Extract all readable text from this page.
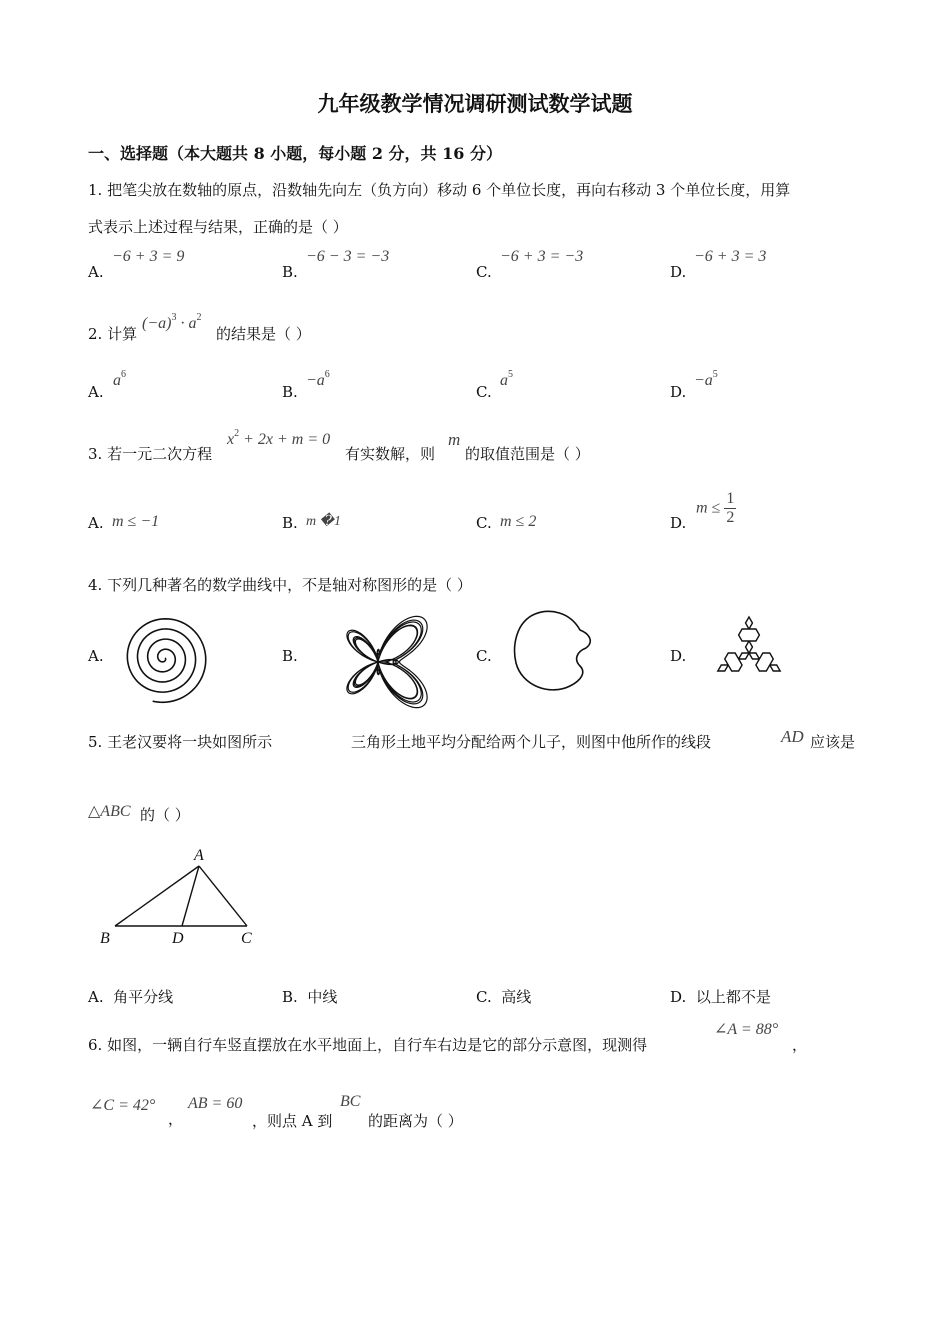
九年级教学情况调研测试数学试题
一、选择题（本大题共 8 小题，每小题 2 分，共 16 分）
1. 把笔尖放在数轴的原点，沿数轴先向左（负方向）移动 6 个单位长度，再向右移动 3 个单位长度，用算
式表示上述过程与结果，正确的是（ ）
A.
−6 + 3 = 9
B.
−6 − 3 = −3
C.
−6 + 3 = −3
D.
−6 + 3 = 3
2. 计算
$(-a)^3 \cdot a^2$
的结果是（ ）
A.
$a^6$
B.
$-a^6$
C.
$a^5$
D.
$-a^5$
3. 若一元二次方程
$x^2 + 2x + m = 0$
有实数解，则
m
的取值范围是（ ）
A. m ≤ −1	B. m �1	C. m ≤ 2	D.
$m \le \frac{1}{2}$
4. 下列几种著名的数学曲线中，不是轴对称图形的是（ ）
A.	B.	C.	D.
5. 王老汉要将一块如图所示	三角形土地平均分配给两个儿子，则图中他所作的线段	AD 应该是
△ABC 的（ ）
A
B	D	C
A. 角平分线	B. 中线	C. 高线	D. 以上都不是
6. 如图，一辆自行车竖直摆放在水平地面上，自行车右边是它的部分示意图，现测得
∠A = 88°
，
∠C = 42°
，
AB = 60
，则点 A 到
BC
的距离为（ ）
